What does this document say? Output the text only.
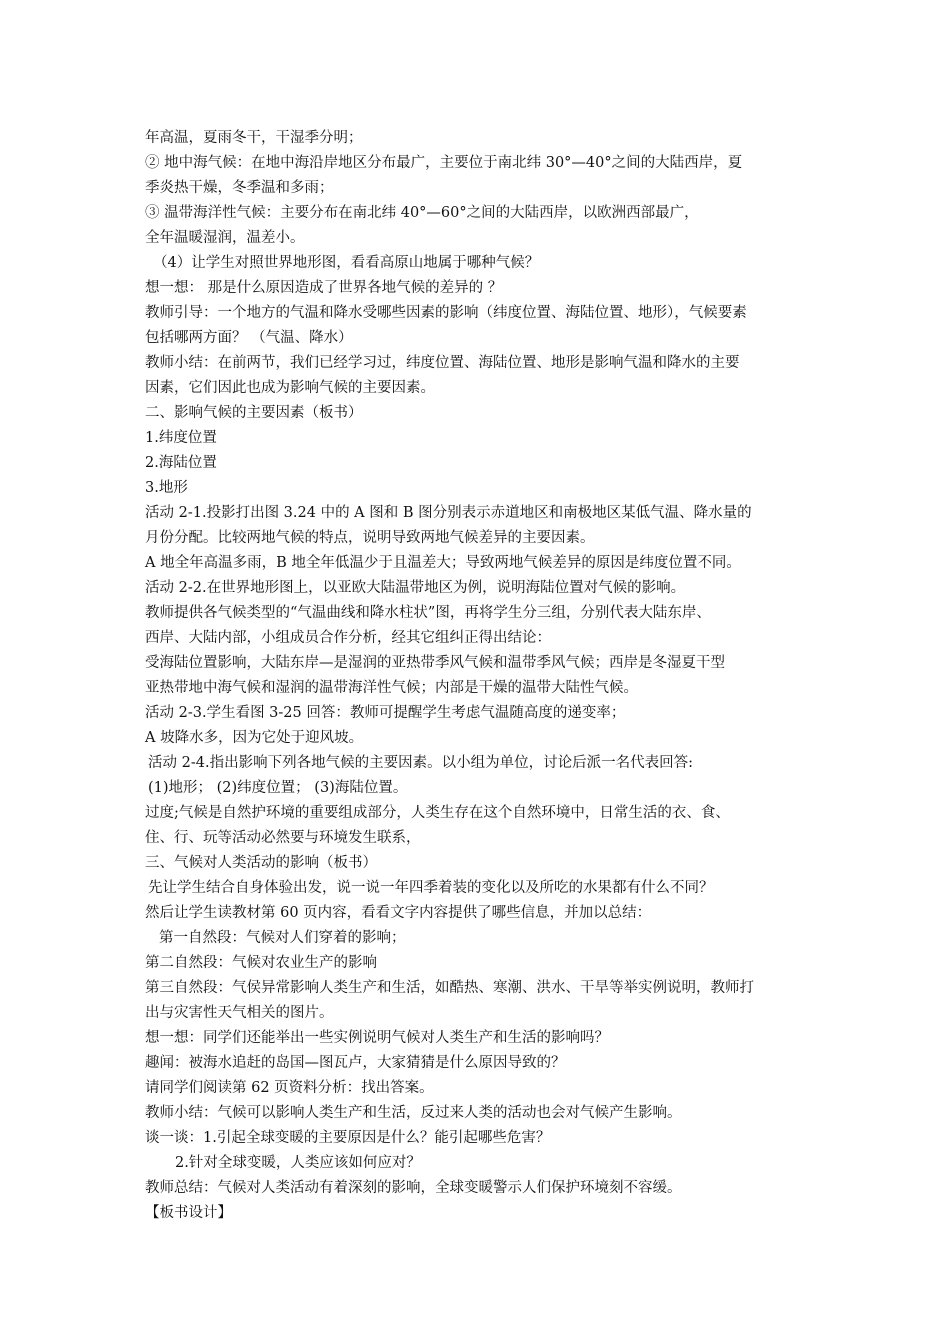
年高温，夏雨冬干，干湿季分明；

② 地中海气候：在地中海沿岸地区分布最广，主要位于南北纬 30°—40°之间的大陆西岸，夏

季炎热干燥，冬季温和多雨；

③ 温带海洋性气候：主要分布在南北纬 40°—60°之间的大陆西岸，以欧洲西部最广，

全年温暖湿润，温差小。

（4）让学生对照世界地形图，看看高原山地属于哪种气候？

想一想： 那是什么原因造成了世界各地气候的差异的 ？

教师引导：一个地方的气温和降水受哪些因素的影响（纬度位置、海陆位置、地形），气候要素

包括哪两方面？ （气温、降水）

教师小结：在前两节，我们已经学习过，纬度位置、海陆位置、地形是影响气温和降水的主要

因素，它们因此也成为影响气候的主要因素。

二、影响气候的主要因素（板书）

1.纬度位置

2.海陆位置

3.地形

活动 2-1.投影打出图 3.24 中的 A 图和 B 图分别表示赤道地区和南极地区某低气温、降水量的

月份分配。比较两地气候的特点，说明导致两地气候差异的主要因素。

A 地全年高温多雨，B 地全年低温少于且温差大；导致两地气候差异的原因是纬度位置不同。

活动 2-2.在世界地形图上，以亚欧大陆温带地区为例，说明海陆位置对气候的影响。

教师提供各气候类型的“气温曲线和降水柱状”图，再将学生分三组，分别代表大陆东岸、

西岸、大陆内部，小组成员合作分析，经其它组纠正得出结论：

受海陆位置影响，大陆东岸—是湿润的亚热带季风气候和温带季风气候；西岸是冬湿夏干型

亚热带地中海气候和湿润的温带海洋性气候；内部是干燥的温带大陆性气候。

活动 2-3.学生看图 3-25 回答：教师可提醒学生考虑气温随高度的递变率；

A 坡降水多，因为它处于迎风坡。

活动 2-4.指出影响下列各地气候的主要因素。以小组为单位，讨论后派一名代表回答:

(1)地形； (2)纬度位置； (3)海陆位置。

过度;气候是自然护环境的重要组成部分，人类生存在这个自然环境中，日常生活的衣、食、

住、行、玩等活动必然要与环境发生联系，

三、气候对人类活动的影响（板书）

先让学生结合自身体验出发，说一说一年四季着装的变化以及所吃的水果都有什么不同？

然后让学生读教材第 60 页内容，看看文字内容提供了哪些信息，并加以总结：

第一自然段：气候对人们穿着的影响；

第二自然段：气候对农业生产的影响

第三自然段：气侯异常影响人类生产和生活，如酷热、寒潮、洪水、干旱等举实例说明，教师打

出与灾害性天气相关的图片。

想一想：同学们还能举出一些实例说明气候对人类生产和生活的影响吗？

趣闻：被海水追赶的岛国—图瓦卢，大家猜猜是什么原因导致的？

请同学们阅读第 62 页资料分析：找出答案。

教师小结：气候可以影响人类生产和生活，反过来人类的活动也会对气候产生影响。

谈一谈：1.引起全球变暖的主要原因是什么？能引起哪些危害？

2.针对全球变暖，人类应该如何应对？

教师总结：气候对人类活动有着深刻的影响，全球变暖警示人们保护环境刻不容缓。

【板书设计】
